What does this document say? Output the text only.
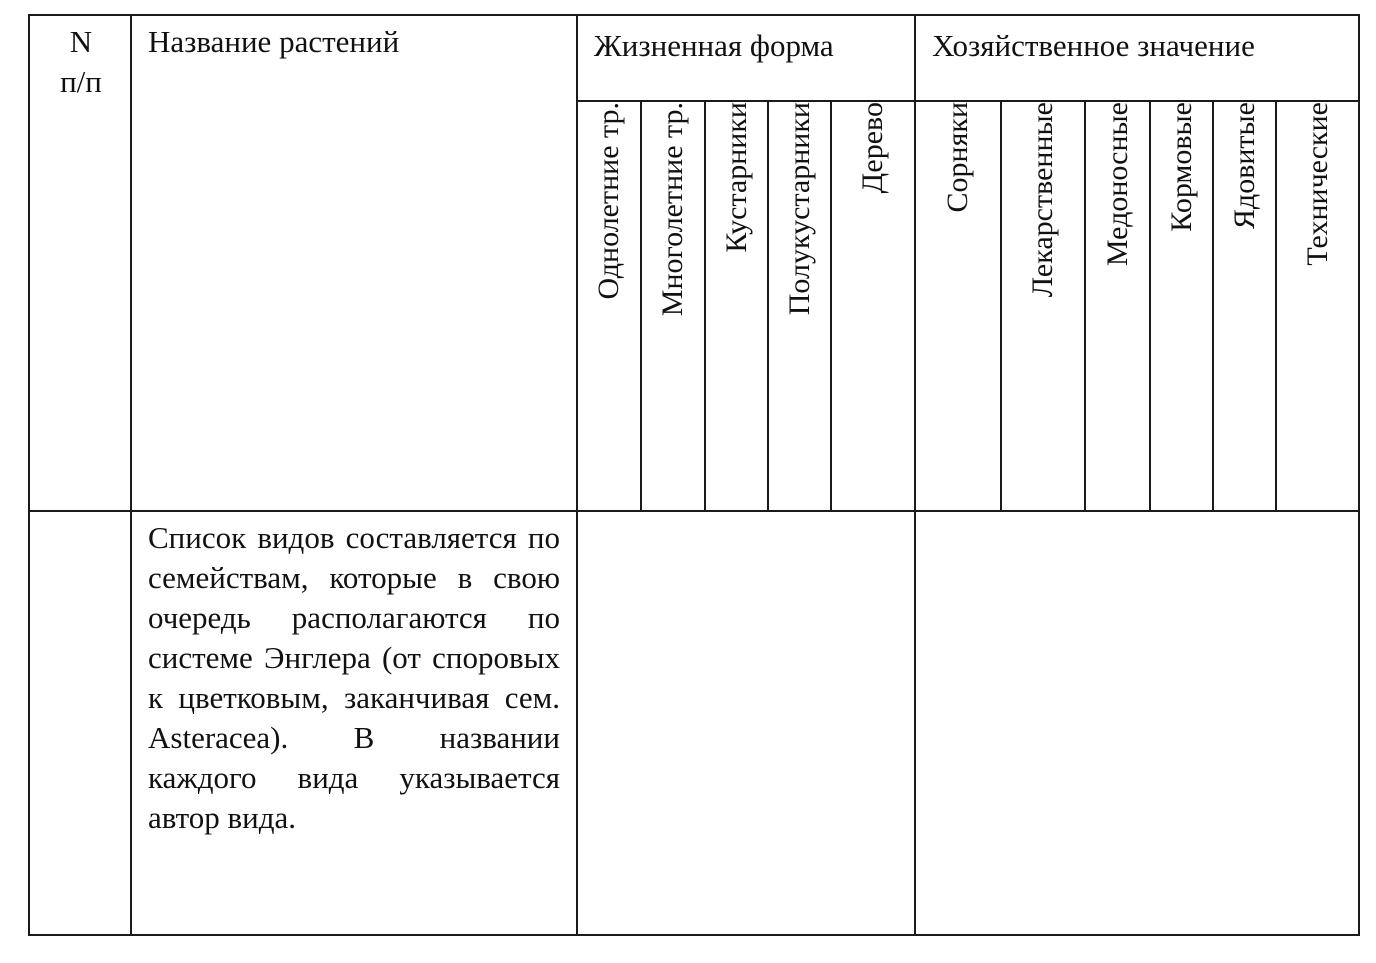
N
п/п	Название растений	Жизненная форма					Хозяйственное значение					
		Однолетние тр.	Многолетние тр.	Кустарники	Полукустарники	Дерево	Сорняки	Лекарственные	Медоносные	Кормовые	Ядовитые	Технические

	Список видов составляется по семействам, которые в свою очередь располагаются по системе Энглера (от споровых к цветковым, заканчивая сем. Asteracea). В названии каждого вида указывается автор вида.											
